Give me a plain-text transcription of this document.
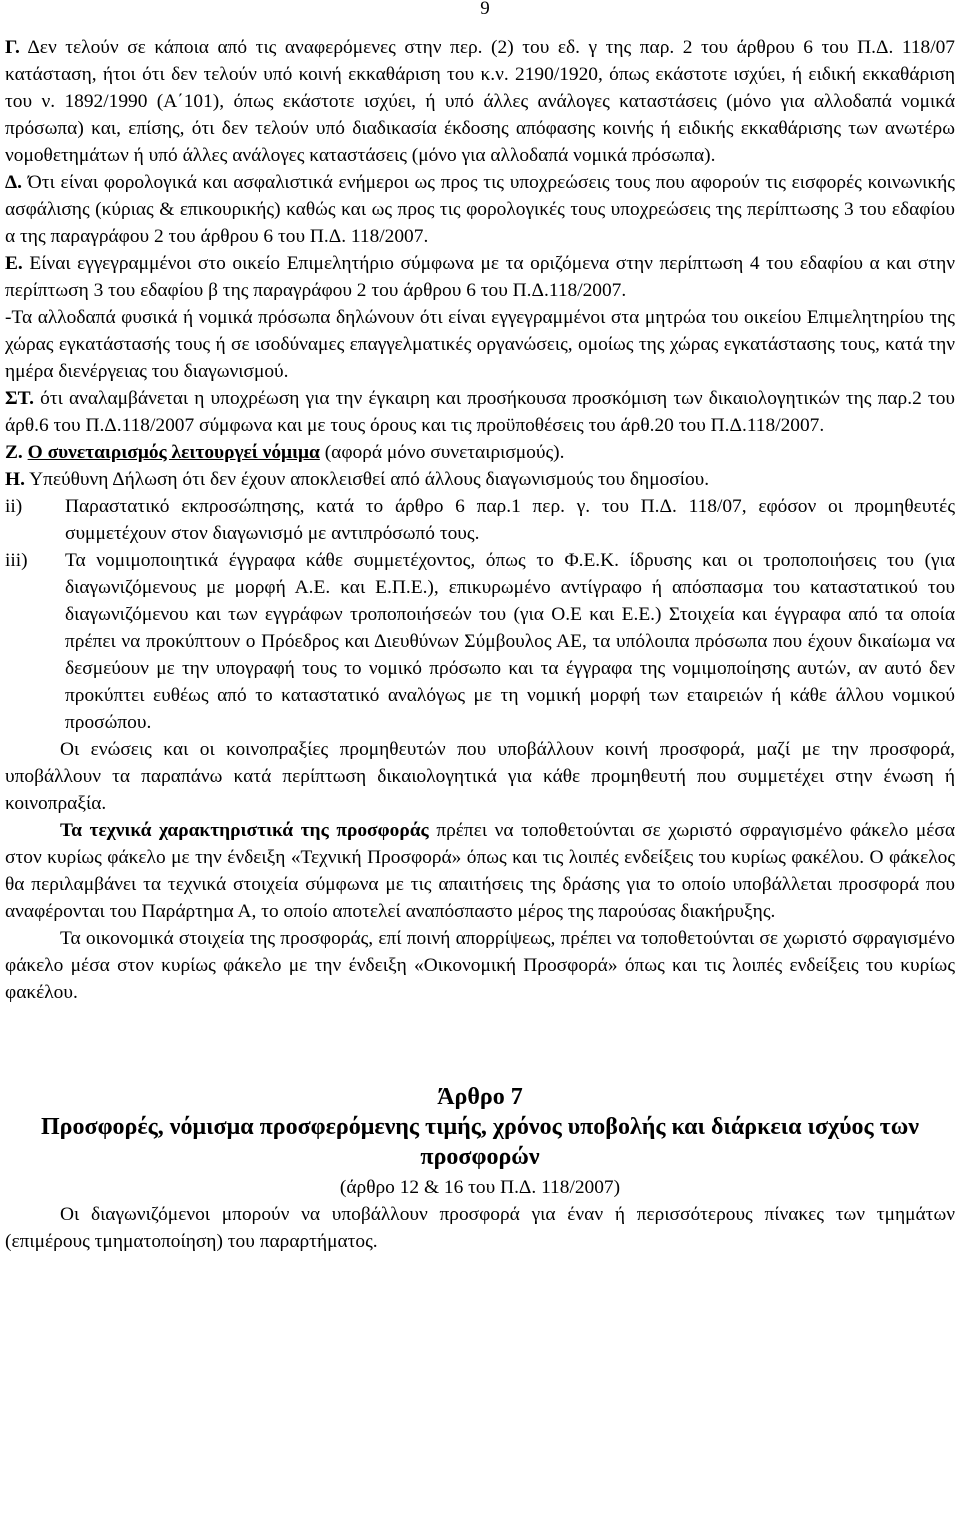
9

Γ. Δεν τελούν σε κάποια από τις αναφερόμενες στην περ. (2) του εδ. γ της παρ. 2 του άρθρου 6 του Π.Δ. 118/07 κατάσταση, ήτοι ότι δεν τελούν υπό κοινή εκκαθάριση του κ.ν. 2190/1920, όπως εκάστοτε ισχύει, ή ειδική εκκαθάριση του ν. 1892/1990 (Α΄101), όπως εκάστοτε ισχύει, ή υπό άλλες ανάλογες καταστάσεις (μόνο για αλλοδαπά νομικά πρόσωπα) και, επίσης, ότι δεν τελούν υπό διαδικασία έκδοσης απόφασης κοινής ή ειδικής εκκαθάρισης των ανωτέρω νομοθετημάτων ή υπό άλλες ανάλογες καταστάσεις (μόνο για αλλοδαπά νομικά πρόσωπα).

Δ. Ότι είναι φορολογικά και ασφαλιστικά ενήμεροι ως προς τις υποχρεώσεις τους που αφορούν τις εισφορές κοινωνικής ασφάλισης (κύριας & επικουρικής) καθώς και ως προς τις φορολογικές τους υποχρεώσεις της περίπτωσης 3 του εδαφίου α της παραγράφου 2 του άρθρου 6 του Π.Δ. 118/2007.

Ε. Είναι εγγεγραμμένοι στο οικείο Επιμελητήριο σύμφωνα με τα οριζόμενα στην περίπτωση 4 του εδαφίου α και στην περίπτωση 3 του εδαφίου β της παραγράφου 2 του άρθρου 6 του Π.Δ.118/2007.

-Τα αλλοδαπά φυσικά ή νομικά πρόσωπα δηλώνουν ότι είναι εγγεγραμμένοι στα μητρώα του οικείου Επιμελητηρίου της χώρας εγκατάστασής τους ή σε ισοδύναμες επαγγελματικές οργανώσεις, ομοίως της χώρας εγκατάστασης τους, κατά την ημέρα διενέργειας του διαγωνισμού.

ΣΤ. ότι αναλαμβάνεται η υποχρέωση για την έγκαιρη και προσήκουσα προσκόμιση των δικαιολογητικών της παρ.2 του άρθ.6 του Π.Δ.118/2007 σύμφωνα και με τους όρους και τις προϋποθέσεις του άρθ.20 του Π.Δ.118/2007.

Ζ. Ο συνεταιρισμός λειτουργεί νόμιμα (αφορά μόνο συνεταιρισμούς).

Η. Υπεύθυνη Δήλωση ότι δεν έχουν αποκλεισθεί από άλλους διαγωνισμούς του δημοσίου.

ii)	Παραστατικό εκπροσώπησης, κατά το άρθρο 6 παρ.1 περ. γ. του Π.Δ. 118/07, εφόσον οι προμηθευτές συμμετέχουν στον διαγωνισμό με αντιπρόσωπό τους.
iii)	Τα νομιμοποιητικά έγγραφα κάθε συμμετέχοντος, όπως το Φ.Ε.Κ. ίδρυσης και οι τροποποιήσεις του (για διαγωνιζόμενους με μορφή Α.Ε. και Ε.Π.Ε.), επικυρωμένο αντίγραφο ή απόσπασμα του καταστατικού του διαγωνιζόμενου και των εγγράφων τροποποιήσεών του (για Ο.Ε και Ε.Ε.) Στοιχεία και έγγραφα από τα οποία πρέπει να προκύπτουν ο Πρόεδρος και Διευθύνων Σύμβουλος ΑΕ, τα υπόλοιπα πρόσωπα που έχουν δικαίωμα να δεσμεύουν με την υπογραφή τους το νομικό πρόσωπο και τα έγγραφα της νομιμοποίησης αυτών, αν αυτό δεν προκύπτει ευθέως από το καταστατικό αναλόγως με τη νομική μορφή των εταιρειών ή κάθε άλλου νομικού προσώπου.

Οι ενώσεις και οι κοινοπραξίες προμηθευτών που υποβάλλουν κοινή προσφορά, μαζί με την προσφορά, υποβάλλουν τα παραπάνω κατά περίπτωση δικαιολογητικά για κάθε προμηθευτή που συμμετέχει στην ένωση ή κοινοπραξία.

Τα τεχνικά χαρακτηριστικά της προσφοράς πρέπει να τοποθετούνται σε χωριστό σφραγισμένο φάκελο μέσα στον κυρίως φάκελο με την ένδειξη «Τεχνική Προσφορά» όπως και τις λοιπές ενδείξεις του κυρίως φακέλου. Ο φάκελος θα περιλαμβάνει τα τεχνικά στοιχεία σύμφωνα με τις απαιτήσεις της δράσης για το οποίο υποβάλλεται προσφορά που αναφέρονται του Παράρτημα Α, το οποίο αποτελεί αναπόσπαστο μέρος της παρούσας διακήρυξης.

Τα οικονομικά στοιχεία της προσφοράς, επί ποινή απορρίψεως, πρέπει να τοποθετούνται σε χωριστό σφραγισμένο φάκελο μέσα στον κυρίως φάκελο με την ένδειξη «Οικονομική Προσφορά» όπως και τις λοιπές ενδείξεις του κυρίως φακέλου.

Άρθρο 7
Προσφορές, νόμισμα προσφερόμενης τιμής, χρόνος υποβολής και διάρκεια ισχύος των προσφορών
(άρθρο 12 & 16 του Π.Δ. 118/2007)

Οι διαγωνιζόμενοι μπορούν να υποβάλλουν προσφορά για έναν ή περισσότερους πίνακες των τμημάτων (επιμέρους τμηματοποίηση) του παραρτήματος.
